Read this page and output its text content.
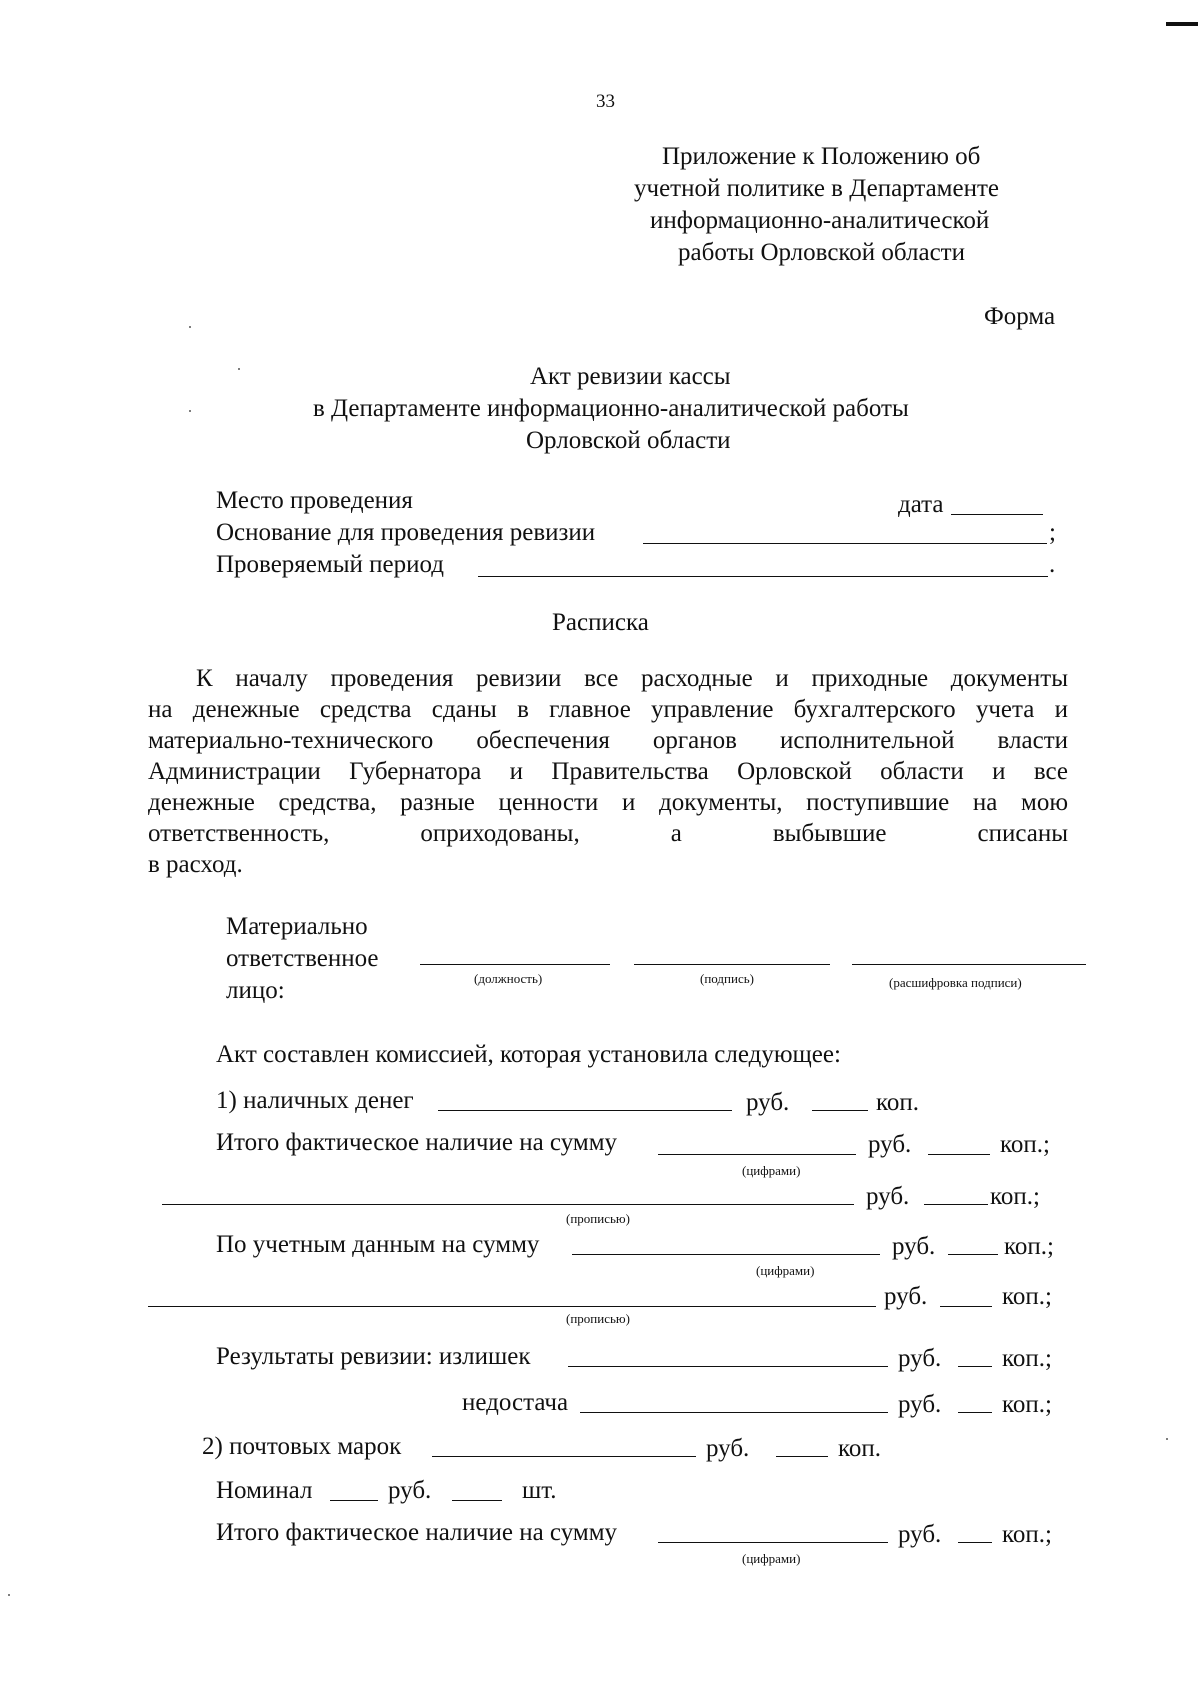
33
Приложение к Положению об
учетной политике в Департаменте
информационно-аналитической
работы Орловской области
Форма
Акт ревизии кассы
в Департаменте информационно-аналитической работы
Орловской области
Место проведения	дата
Основание для проведения ревизии	;
Проверяемый период	.
Расписка
К началу проведения ревизии все расходные и приходные документы
на денежные средства сданы в главное управление бухгалтерского учета и
материально-технического обеспечения органов исполнительной власти
Администрации Губернатора и Правительства Орловской области и все
денежные средства, разные ценности и документы, поступившие на мою
ответственность, оприходованы, а выбывшие списаны
в расход.
Материально
ответственное
лицо:	(должность)	(подпись)	(расшифровка подписи)
Акт составлен комиссией, которая установила следующее:
1) наличных денег	руб.	коп.
Итого фактическое наличие на сумму
(цифрами)
руб.	коп.;
(прописью)
руб.	коп.;
По учетным данным на сумму
(цифрами)
руб.	коп.;
(прописью)
руб.	коп.;
Результаты ревизии: излишек	руб. коп.;
недостача	руб. коп.;
2) почтовых марок	руб.	коп.
Номинал	руб.	шт.
Итого фактическое наличие на сумму
(цифрами)
руб. коп.;
